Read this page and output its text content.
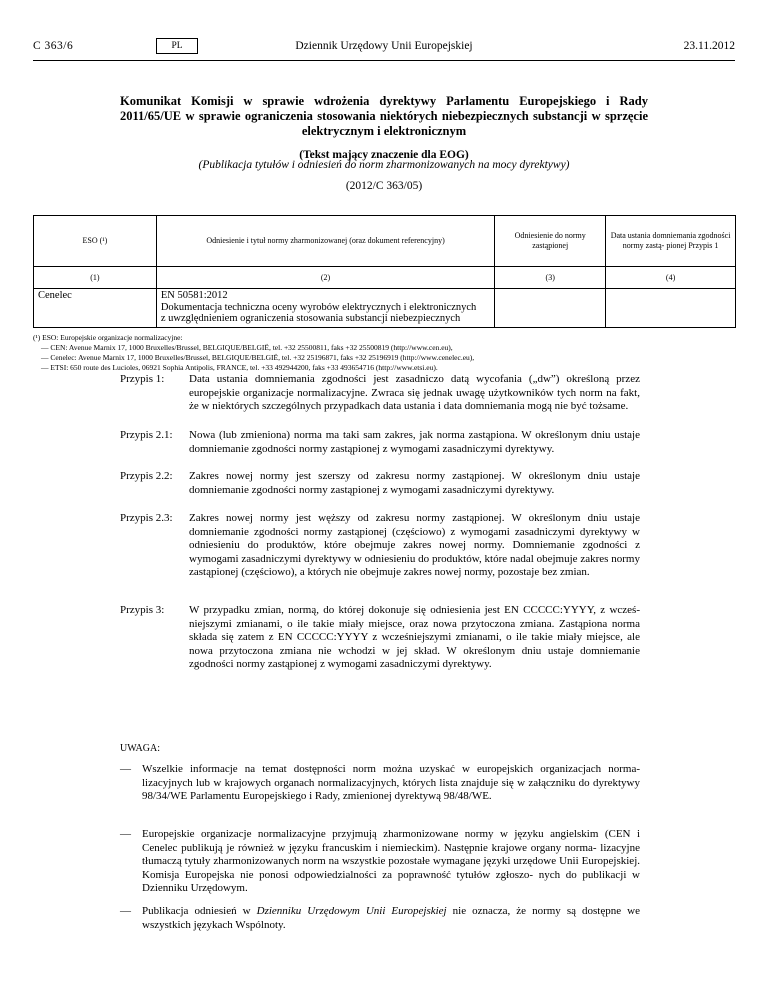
C 363/6	PL	Dziennik Urzędowy Unii Europejskiej	23.11.2012
Komunikat Komisji w sprawie wdrożenia dyrektywy Parlamentu Europejskiego i Rady 2011/65/UE w sprawie ograniczenia stosowania niektórych niebezpiecznych substancji w sprzęcie elektrycznym i elektronicznym
(Tekst mający znaczenie dla EOG)
(Publikacja tytułów i odniesień do norm zharmonizowanych na mocy dyrektywy)
(2012/C 363/05)
ESO (¹)	Odniesienie i tytuł normy zharmonizowanej (oraz dokument referencyjny)	Odniesienie do normy zastąpionej	Data ustania domniemania zgodności normy zastą- pionej Przypis 1
(1)	(2)	(3)	(4)
Cenelec	EN 50581:2012
Dokumentacja techniczna oceny wyrobów elektrycznych i elektronicznych
z uwzględnieniem ograniczenia stosowania substancji niebezpiecznych		

(¹) ESO: Europejskie organizacje normalizacyjne:

— CEN: Avenue Marnix 17, 1000 Bruxelles/Brussel, BELGIQUE/BELGIË, tel. +32 25500811, faks +32 25500819 (http://www.cen.eu),

— Cenelec: Avenue Marnix 17, 1000 Bruxelles/Brussel, BELGIQUE/BELGIË, tel. +32 25196871, faks +32 25196919 (http://www.cenelec.eu),

— ETSI: 650 route des Lucioles, 06921 Sophia Antipolis, FRANCE, tel. +33 492944200, faks +33 493654716 (http://www.etsi.eu).

Przypis 1: Data ustania domniemania zgodności jest zasadniczo datą wycofania („dw”) określoną przez europejskie organizacje normalizacyjne. Zwraca się jednak uwagę użytkowników tych norm na fakt, że w niektórych szczególnych przypadkach data ustania i data domniemania mogą nie być tożsame.
Przypis 2.1: Nowa (lub zmieniona) norma ma taki sam zakres, jak norma zastąpiona. W określonym dniu ustaje domniemanie zgodności normy zastąpionej z wymogami zasadniczymi dyrektywy.
Przypis 2.2: Zakres nowej normy jest szerszy od zakresu normy zastąpionej. W określonym dniu ustaje domniemanie zgodności normy zastąpionej z wymogami zasadniczymi dyrektywy.
Przypis 2.3: Zakres nowej normy jest węższy od zakresu normy zastąpionej. W określonym dniu ustaje domniemanie zgodności normy zastąpionej (częściowo) z wymogami zasadniczymi dyrektywy w odniesieniu do produktów, które obejmuje zakres nowej normy. Domniemanie zgodności z wymogami zasadniczymi dyrektywy w odniesieniu do produktów, które nadal obejmuje zakres normy zastąpionej (częściowo), a których nie obejmuje zakres nowej normy, pozostaje bez zmian.
Przypis 3: W przypadku zmian, normą, do której dokonuje się odniesienia jest EN CCCCC:YYYY, z wcześ- niejszymi zmianami, o ile takie miały miejsce, oraz nowa przytoczona zmiana. Zastąpiona norma składa się zatem z EN CCCCC:YYYY z wcześniejszymi zmianami, o ile takie miały miejsce, ale nowa przytoczona zmiana nie wchodzi w jej skład. W określonym dniu ustaje domniemanie zgodności normy zastąpionej z wymogami zasadniczymi dyrektywy.
UWAGA:
— Wszelkie informacje na temat dostępności norm można uzyskać w europejskich organizacjach norma- lizacyjnych lub w krajowych organach normalizacyjnych, których lista znajduje się w załączniku do dyrektywy 98/34/WE Parlamentu Europejskiego i Rady, zmienionej dyrektywą 98/48/WE.
— Europejskie organizacje normalizacyjne przyjmują zharmonizowane normy w języku angielskim (CEN i Cenelec publikują je również w języku francuskim i niemieckim). Następnie krajowe organy norma- lizacyjne tłumaczą tytuły zharmonizowanych norm na wszystkie pozostałe wymagane języki urzędowe Unii Europejskiej. Komisja Europejska nie ponosi odpowiedzialności za poprawność tytułów zgłoszo- nych do publikacji w Dzienniku Urzędowym.
— Publikacja odniesień w Dzienniku Urzędowym Unii Europejskiej nie oznacza, że normy są dostępne we wszystkich językach Wspólnoty.
